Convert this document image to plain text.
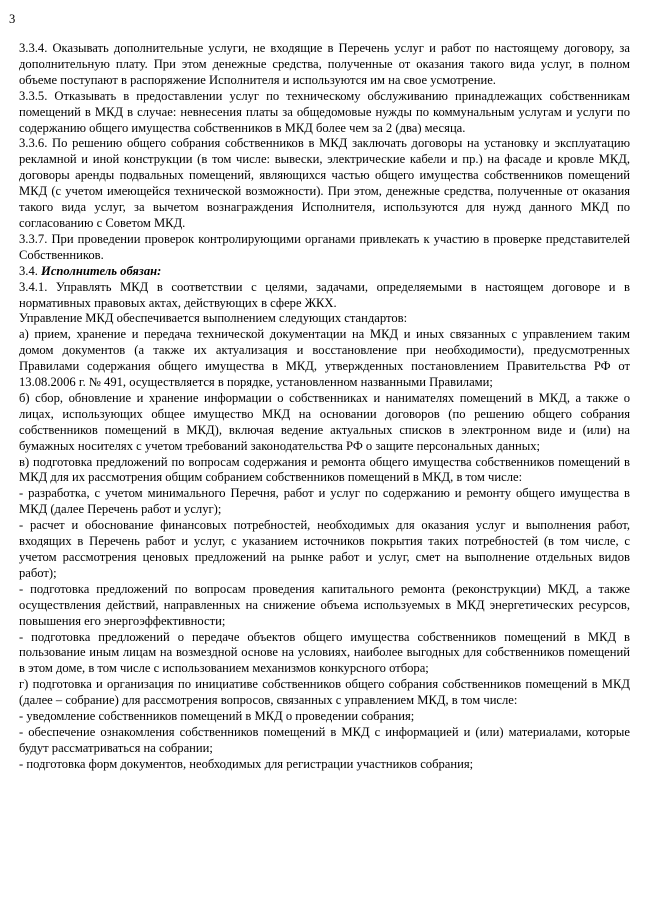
3

3.3.4. Оказывать дополнительные услуги, не входящие в Перечень услуг и работ по настоящему договору, за дополнительную плату. При этом денежные средства, полученные от оказания такого вида услуг, в полном объеме поступают в распоряжение Исполнителя и используются им на свое усмотрение.

3.3.5. Отказывать в предоставлении услуг по техническому обслуживанию принадлежащих собственникам помещений в МКД в случае: невнесения платы за общедомовые нужды по коммунальным услугам и услуги по содержанию общего имущества собственников в МКД более чем за 2 (два) месяца.

3.3.6. По решению общего собрания собственников в МКД заключать договоры на установку и эксплуатацию рекламной и иной конструкции (в том числе: вывески, электрические кабели и пр.) на фасаде и кровле МКД, договоры аренды подвальных помещений, являющихся частью общего имущества собственников помещений МКД (с учетом имеющейся технической возможности). При этом, денежные средства, полученные от оказания такого вида услуг, за вычетом вознаграждения Исполнителя, используются для нужд данного МКД по согласованию с Советом МКД.

3.3.7. При проведении проверок контролирующими органами привлекать к участию в проверке представителей Собственников.

3.4. Исполнитель обязан:

3.4.1. Управлять МКД в соответствии с целями, задачами, определяемыми в настоящем договоре и в нормативных правовых актах, действующих в сфере ЖКХ.

Управление МКД обеспечивается выполнением следующих стандартов:

а) прием, хранение и передача технической документации на МКД и иных связанных с управлением таким домом документов (а также их актуализация и восстановление при необходимости), предусмотренных Правилами содержания общего имущества в МКД, утвержденных постановлением Правительства РФ от 13.08.2006 г. № 491, осуществляется в порядке, установленном названными Правилами;

б) сбор, обновление и хранение информации о собственниках и нанимателях помещений в МКД, а также о лицах, использующих общее имущество МКД на основании договоров (по решению общего собрания собственников помещений в МКД), включая ведение актуальных списков в электронном виде и (или) на бумажных носителях с учетом требований законодательства РФ о защите персональных данных;

в) подготовка предложений по вопросам содержания и ремонта общего имущества собственников помещений в МКД для их рассмотрения общим собранием собственников помещений в МКД, в том числе:

- разработка, с учетом минимального Перечня, работ и услуг по содержанию и ремонту общего имущества в МКД (далее Перечень работ и услуг);

- расчет и обоснование финансовых потребностей, необходимых для оказания услуг и выполнения работ, входящих в Перечень работ и услуг, с указанием источников покрытия таких потребностей (в том числе, с учетом рассмотрения ценовых предложений на рынке работ и услуг, смет на выполнение отдельных видов работ);

- подготовка предложений по вопросам проведения капитального ремонта (реконструкции) МКД, а также осуществления действий, направленных на снижение объема используемых в МКД энергетических ресурсов, повышения его энергоэффективности;

- подготовка предложений о передаче объектов общего имущества собственников помещений в МКД в пользование иным лицам на возмездной основе на условиях, наиболее выгодных для собственников помещений в этом доме, в том числе с использованием механизмов конкурсного отбора;

г) подготовка и организация по инициативе собственников общего собрания собственников помещений в МКД (далее – собрание) для рассмотрения вопросов, связанных с управлением МКД, в том числе:

- уведомление собственников помещений в МКД о проведении собрания;

- обеспечение ознакомления собственников помещений в МКД с информацией и (или) материалами, которые будут рассматриваться на собрании;

- подготовка форм документов, необходимых для регистрации участников собрания;
